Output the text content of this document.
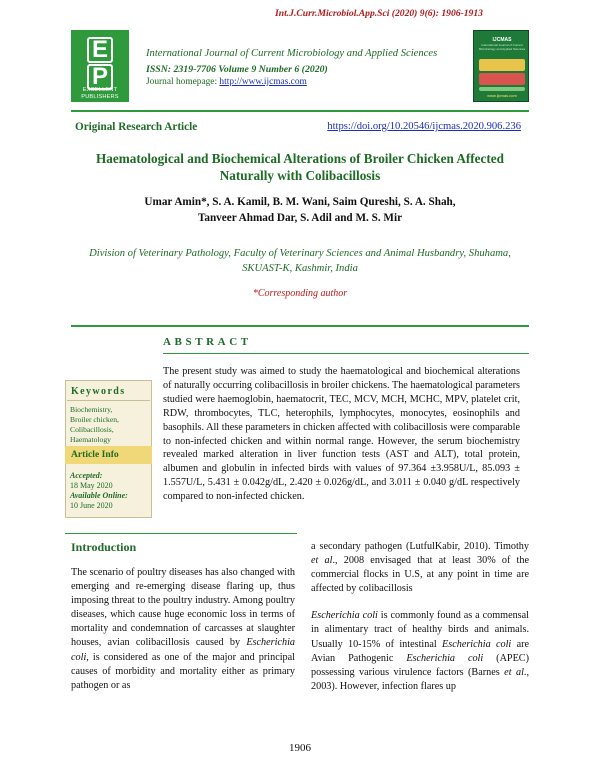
Int.J.Curr.Microbiol.App.Sci (2020) 9(6): 1906-1913
E
P
EXCELLENT PUBLISHERS
International Journal of Current Microbiology and Applied Sciences
ISSN: 2319-7706 Volume 9 Number 6 (2020)
Journal homepage: http://www.ijcmas.com
IJCMAS
International Journal of Current Microbiology and Applied Sciences
www.ijcmas.com
Original Research Article	https://doi.org/10.20546/ijcmas.2020.906.236
Haematological and Biochemical Alterations of Broiler Chicken Affected Naturally with Colibacillosis
Umar Amin*, S. A. Kamil, B. M. Wani, Saim Qureshi, S. A. Shah,
Tanveer Ahmad Dar, S. Adil and M. S. Mir
Division of Veterinary Pathology, Faculty of Veterinary Sciences and Animal Husbandry, Shuhama, SKUAST-K, Kashmir, India
*Corresponding author
ABSTRACT
Keywords
Biochemistry,
Broiler chicken,
Colibacillosis,
Haematology
Article Info
Accepted:
18 May 2020
Available Online:
10 June 2020
The present study was aimed to study the haematological and biochemical alterations of naturally occurring colibacillosis in broiler chickens. The haematological parameters studied were haemoglobin, haematocrit, TEC, MCV, MCH, MCHC, MPV, platelet crit, RDW, thrombocytes, TLC, heterophils, lymphocytes, monocytes, eosinophils and basophils. All these parameters in chicken affected with colibacillosis were comparable to non-infected chicken and within normal range. However, the serum biochemistry revealed marked alteration in liver function tests (AST and ALT), total protein, albumen and globulin in infected birds with values of 97.364 ±3.958U/L, 85.093 ± 1.557U/L, 5.431 ± 0.042g/dL, 2.420 ± 0.026g/dL, and 3.011 ± 0.040 g/dL respectively compared to non-infected chicken.
Introduction

The scenario of poultry diseases has also changed with emerging and re-emerging disease flaring up, thus imposing threat to the poultry industry. Among poultry diseases, which cause huge economic loss in terms of mortality and condemnation of carcasses at slaughter houses, avian colibacillosis caused by Escherichia coli, is considered as one of the major and principal causes of morbidity and mortality either as primary pathogen or as

a secondary pathogen (LutfulKabir, 2010). Timothy et al., 2008 envisaged that at least 30% of the commercial flocks in U.S, at any point in time are affected by colibacillosis

Escherichia coli is commonly found as a commensal in alimentary tract of healthy birds and animals. Usually 10-15% of intestinal Escherichia coli are Avian Pathogenic Escherichia coli (APEC) possessing various virulence factors (Barnes et al., 2003). However, infection flares up

1906
